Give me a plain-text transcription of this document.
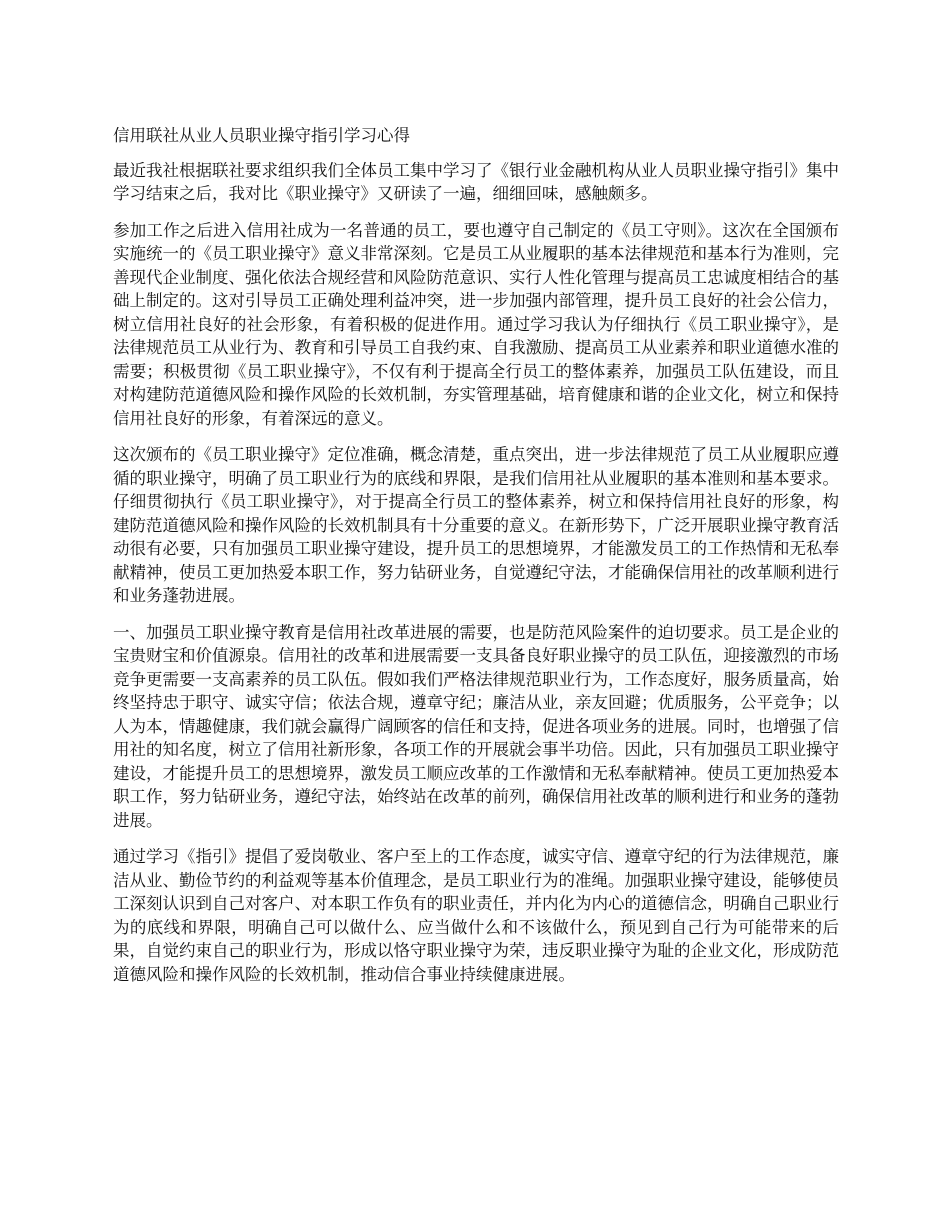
信用联社从业人员职业操守指引学习心得

最近我社根据联社要求组织我们全体员工集中学习了《银行业金融机构从业人员职业操守指引》集中学习结束之后，我对比《职业操守》又研读了一遍，细细回味，感触颇多。

参加工作之后进入信用社成为一名普通的员工，要也遵守自己制定的《员工守则》。这次在全国颁布实施统一的《员工职业操守》意义非常深刻。它是员工从业履职的基本法律规范和基本行为准则，完善现代企业制度、强化依法合规经营和风险防范意识、实行人性化管理与提高员工忠诚度相结合的基础上制定的。这对引导员工正确处理利益冲突，进一步加强内部管理，提升员工良好的社会公信力，树立信用社良好的社会形象，有着积极的促进作用。通过学习我认为仔细执行《员工职业操守》，是法律规范员工从业行为、教育和引导员工自我约束、自我激励、提高员工从业素养和职业道德水准的需要；积极贯彻《员工职业操守》，不仅有利于提高全行员工的整体素养，加强员工队伍建设，而且对构建防范道德风险和操作风险的长效机制，夯实管理基础，培育健康和谐的企业文化，树立和保持信用社良好的形象，有着深远的意义。

这次颁布的《员工职业操守》定位准确，概念清楚，重点突出，进一步法律规范了员工从业履职应遵循的职业操守，明确了员工职业行为的底线和界限，是我们信用社从业履职的基本准则和基本要求。仔细贯彻执行《员工职业操守》，对于提高全行员工的整体素养，树立和保持信用社良好的形象，构建防范道德风险和操作风险的长效机制具有十分重要的意义。在新形势下，广泛开展职业操守教育活动很有必要，只有加强员工职业操守建设，提升员工的思想境界，才能激发员工的工作热情和无私奉献精神，使员工更加热爱本职工作，努力钻研业务，自觉遵纪守法，才能确保信用社的改革顺利进行和业务蓬勃进展。

一、加强员工职业操守教育是信用社改革进展的需要，也是防范风险案件的迫切要求。员工是企业的宝贵财宝和价值源泉。信用社的改革和进展需要一支具备良好职业操守的员工队伍，迎接激烈的市场竞争更需要一支高素养的员工队伍。假如我们严格法律规范职业行为，工作态度好，服务质量高，始终坚持忠于职守、诚实守信；依法合规，遵章守纪；廉洁从业，亲友回避；优质服务，公平竞争；以人为本，情趣健康，我们就会赢得广阔顾客的信任和支持，促进各项业务的进展。同时，也增强了信用社的知名度，树立了信用社新形象，各项工作的开展就会事半功倍。因此，只有加强员工职业操守建设，才能提升员工的思想境界，激发员工顺应改革的工作激情和无私奉献精神。使员工更加热爱本职工作，努力钻研业务，遵纪守法，始终站在改革的前列，确保信用社改革的顺利进行和业务的蓬勃进展。

通过学习《指引》提倡了爱岗敬业、客户至上的工作态度，诚实守信、遵章守纪的行为法律规范，廉洁从业、勤俭节约的利益观等基本价值理念，是员工职业行为的准绳。加强职业操守建设，能够使员工深刻认识到自己对客户、对本职工作负有的职业责任，并内化为内心的道德信念，明确自己职业行为的底线和界限，明确自己可以做什么、应当做什么和不该做什么，预见到自己行为可能带来的后果，自觉约束自己的职业行为，形成以恪守职业操守为荣，违反职业操守为耻的企业文化，形成防范道德风险和操作风险的长效机制，推动信合事业持续健康进展。
